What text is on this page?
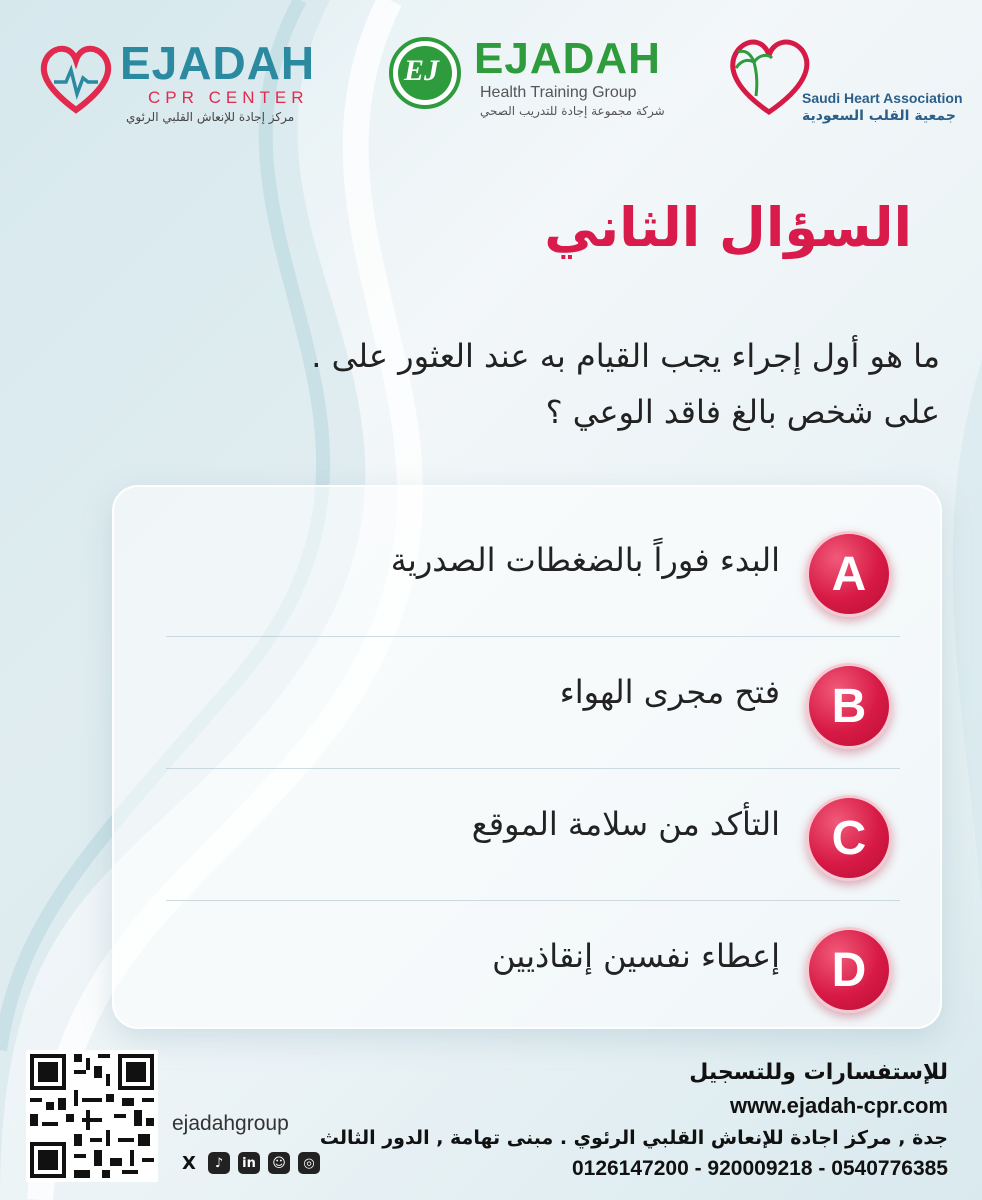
EJADAH
CPR CENTER
مركز إجادة للإنعاش القلبي الرئوي
EJ EJADAH
Health Training Group
شركة مجموعة إجادة للتدريب الصحي
Saudi Heart Association
جمعية القلب السعودية
السؤال الثاني
ما هو أول إجراء يجب القيام به عند العثور على .
على شخص بالغ فاقد الوعي ؟
A
البدء فوراً بالضغطات الصدرية
B
فتح مجرى الهواء
C
التأكد من سلامة الموقع
D
إعطاء نفسين إنقاذيين
ejadahgroup
X	♪	in	☺	◎
للإستفسارات وللتسجيل
www.ejadah-cpr.com
جدة , مركز اجادة للإنعاش القلبي الرئوي . مبنى تهامة , الدور الثالث
0126147200 - 920009218 - 0540776385
